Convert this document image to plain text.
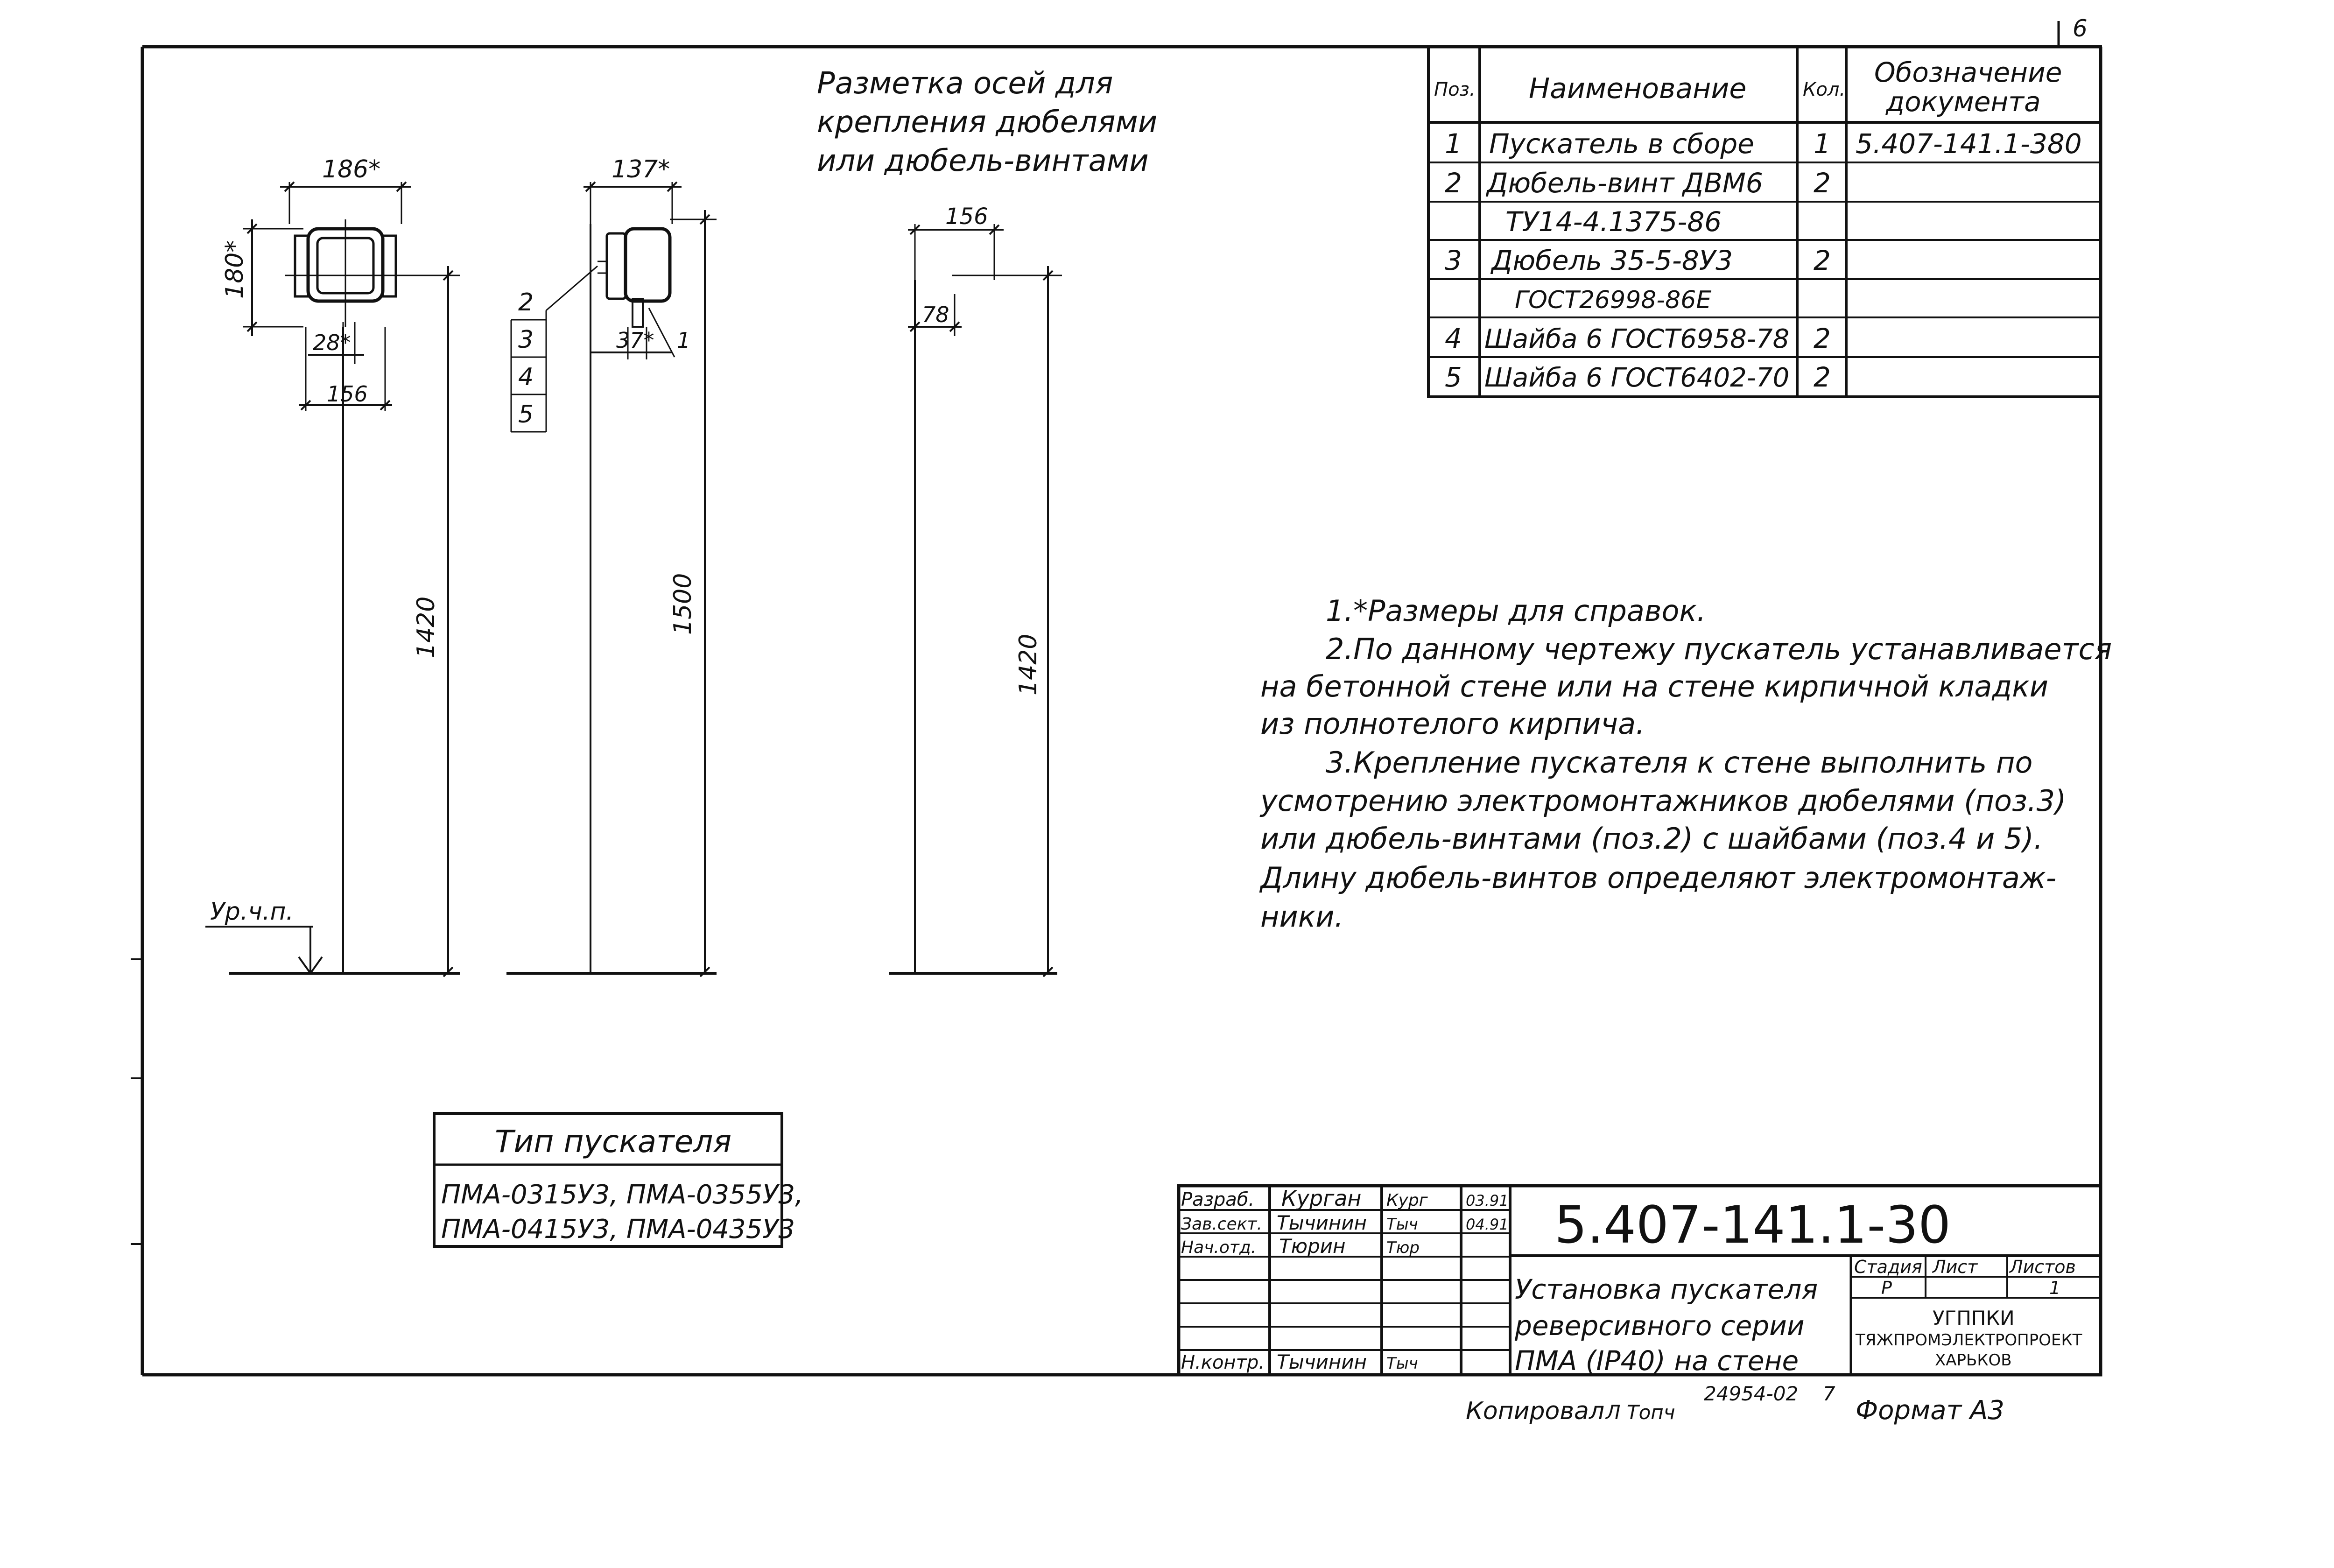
6
Разметка осей для
крепления дюбелями
или дюбель-винтами
186*
180*
28*
156
1420
Ур.ч.п.
137*
37* 1
2
3
4
5
1500
156
78
1420
Поз. Наименование	Кол.
Обозначение
документа
1 Пускатель в сборе 1 5.407-141.1-380
2 Дюбель-винт ДВМ6 2
ТУ14-4.1375-86
3 Дюбель 35-5-8У3	2
ГОСТ26998-86Е
4 Шайба 6 ГОСТ6958-78 2
5 Шайба 6 ГОСТ6402-70 2
1.*Размеры для справок.
2.По данному чертежу пускатель устанавливается
на бетонной стене или на стене кирпичной кладки
из полнотелого кирпича.
3.Крепление пускателя к стене выполнить по
усмотрению электромонтажников дюбелями (поз.3)
или дюбель-винтами (поз.2) с шайбами (поз.4 и 5).
Длину дюбель-винтов определяют электромонтаж-
ники.
Тип пускателя
ПМА-0315У3, ПМА-0355У3,
ПМА-0415У3, ПМА-0435У3
Разраб. Курган Кург	03.91
Зав.сект. Тычинин Тыч	04.91
Нач.отд. Тюрин	Тюр
Н.контр. Тычинин Тыч
5.407-141.1-30
Установка пускателя
реверсивного серии
ПМА (IP40) на стене
Стадия Лист Листов
Р	1
УГППКИ
ТЯЖПРОМЭЛЕКТРОПРОЕКТ
ХАРЬКОВ
Копировал Л Топч
24954-02 7
Формат А3
